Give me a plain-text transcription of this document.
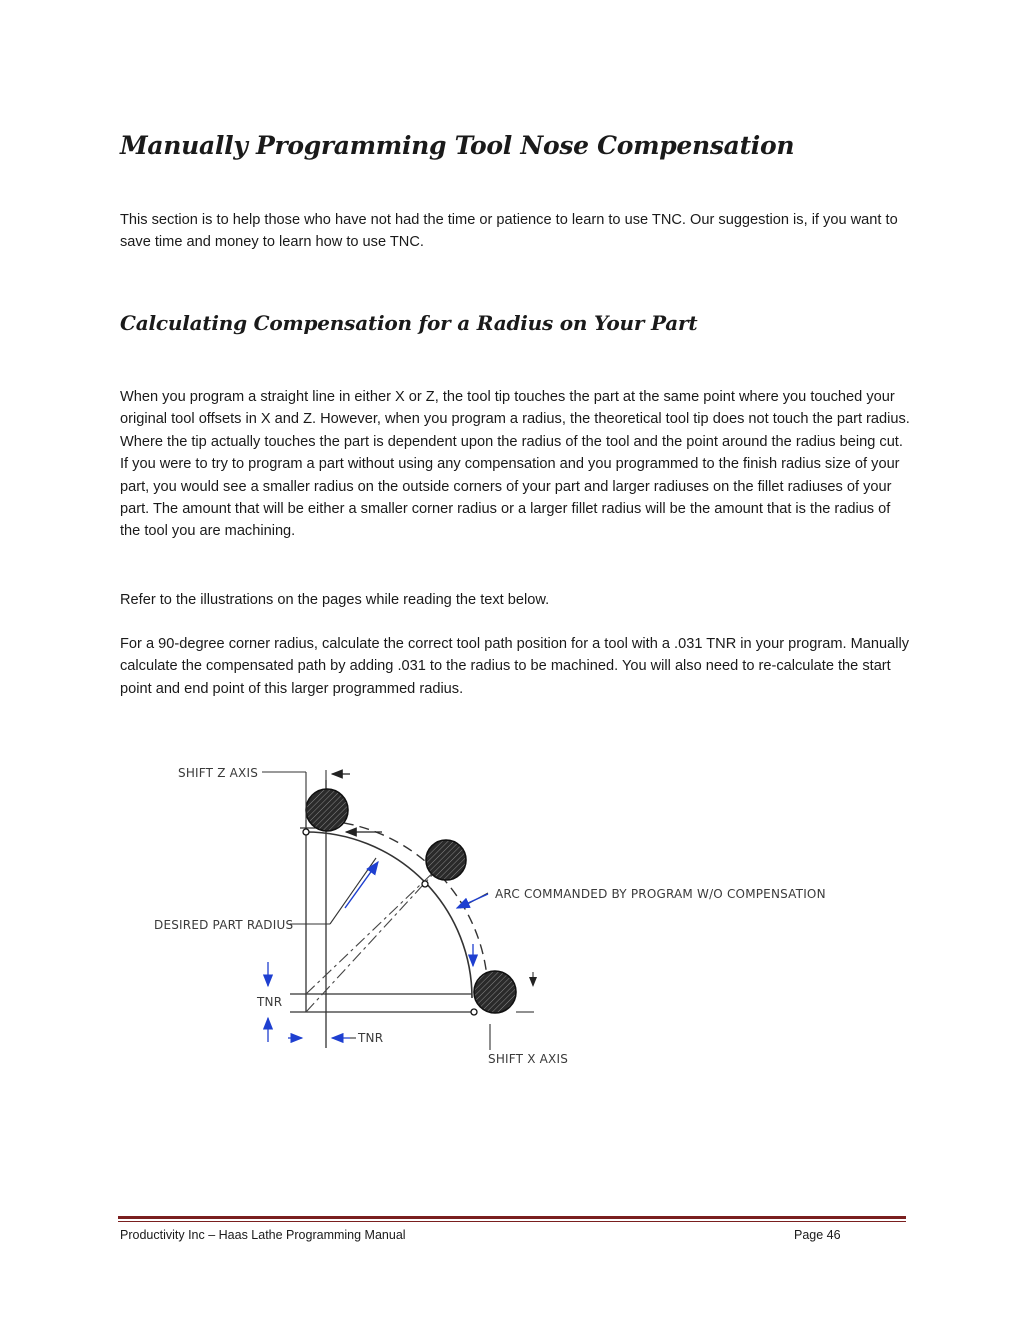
Manually Programming Tool Nose Compensation

This section is to help those who have not had the time or patience to learn to use TNC. Our suggestion is, if you want to save time and money to learn how to use TNC.

Calculating Compensation for a Radius on Your Part

When you program a straight line in either X or Z, the tool tip touches the part at the same point where you touched your original tool offsets in X and Z. However, when you program a radius, the theoretical tool tip does not touch the part radius. Where the tip actually touches the part is dependent upon the radius of the tool and the point around the radius being cut. If you were to try to program a part without using any compensation and you programmed to the finish radius size of your part, you would see a smaller radius on the outside corners of your part and larger radiuses on the fillet radiuses of your part. The amount that will be either a smaller corner radius or a larger fillet radius will be the amount that is the radius of the tool you are machining.

Refer to the illustrations on the pages while reading the text below.

For a 90-degree corner radius, calculate the correct tool path position for a tool with a .031 TNR in your program. Manually calculate the compensated path by adding .031 to the radius to be machined. You will also need to re-calculate the start point and end point of this larger programmed radius.

SHIFT Z AXIS
DESIRED PART RADIUS
ARC COMMANDED BY PROGRAM W/O COMPENSATION
TNR
TNR
SHIFT X AXIS
Productivity Inc – Haas Lathe Programming Manual	Page 46
